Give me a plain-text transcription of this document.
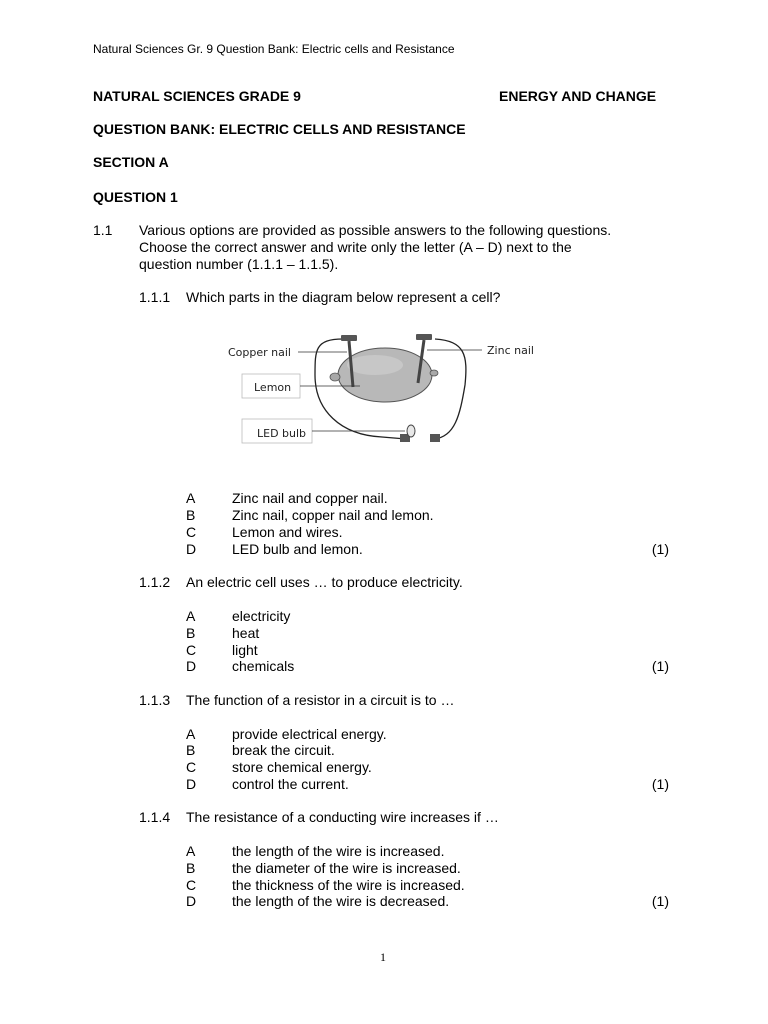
Natural Sciences Gr. 9 Question Bank: Electric cells and Resistance
NATURAL SCIENCES GRADE 9	ENERGY AND CHANGE
QUESTION BANK: ELECTRIC CELLS AND RESISTANCE
SECTION A
QUESTION 1
1.1 Various options are provided as possible answers to the following questions.
Choose the correct answer and write only the letter (A – D) next to the
question number (1.1.1 – 1.1.5).
1.1.1 Which parts in the diagram below represent a cell?
Copper nail	Zinc nail
Lemon
LED bulb
A	Zinc nail and copper nail.
B	Zinc nail, copper nail and lemon.
C	Lemon and wires.
D	LED bulb and lemon.	(1)
1.1.2 An electric cell uses … to produce electricity.
A	electricity
B	heat
C	light
D	chemicals	(1)
1.1.3 The function of a resistor in a circuit is to …
A	provide electrical energy.
B	break the circuit.
C	store chemical energy.
D	control the current.	(1)
1.1.4 The resistance of a conducting wire increases if …
A	the length of the wire is increased.
B	the diameter of the wire is increased.
C	the thickness of the wire is increased.
D	the length of the wire is decreased.	(1)
1
